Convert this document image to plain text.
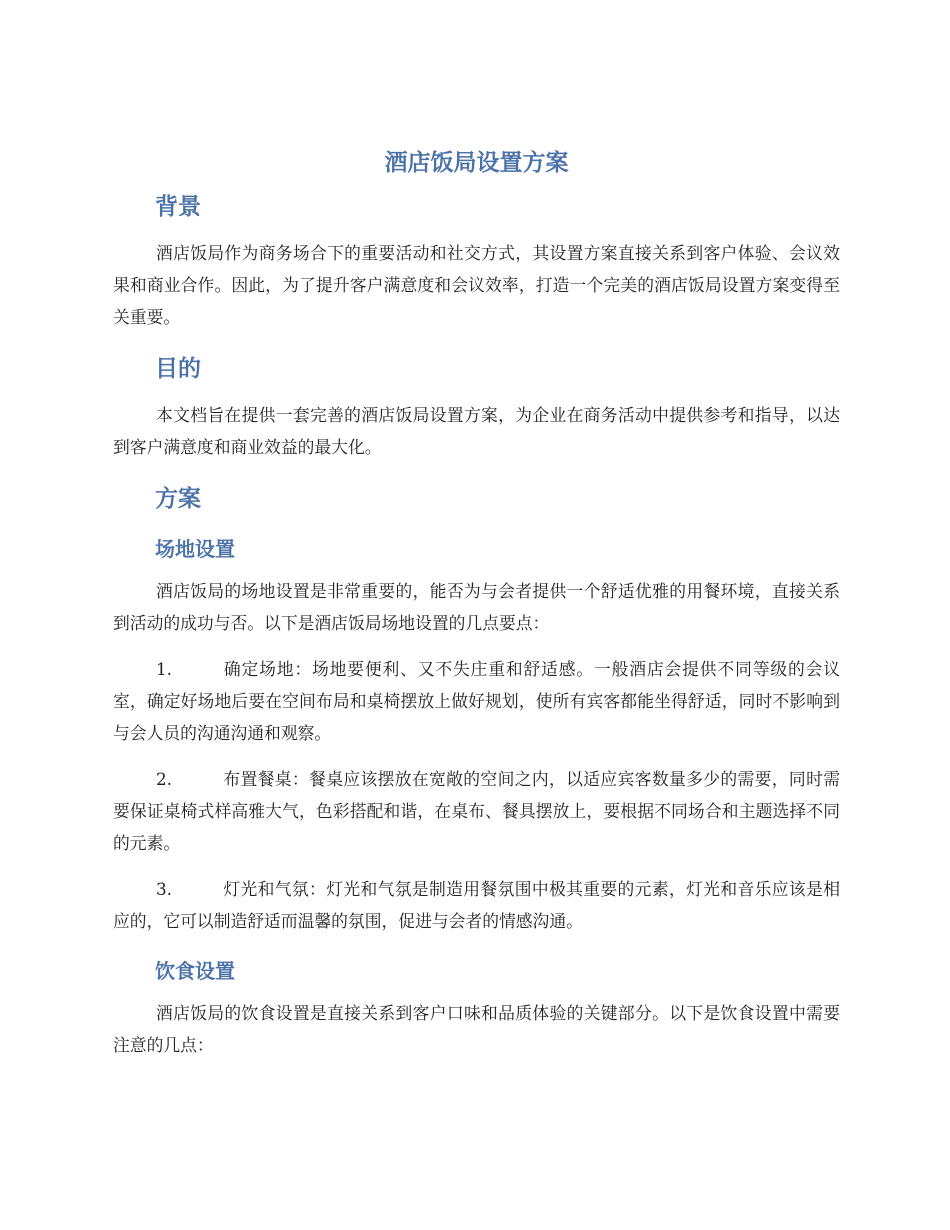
酒店饭局设置方案
背景

酒店饭局作为商务场合下的重要活动和社交方式，其设置方案直接关系到客户体验、会议效果和商业合作。因此，为了提升客户满意度和会议效率，打造一个完美的酒店饭局设置方案变得至关重要。

目的

本文档旨在提供一套完善的酒店饭局设置方案，为企业在商务活动中提供参考和指导，以达到客户满意度和商业效益的最大化。

方案
场地设置

酒店饭局的场地设置是非常重要的，能否为与会者提供一个舒适优雅的用餐环境，直接关系到活动的成功与否。以下是酒店饭局场地设置的几点要点：

1.	确定场地：场地要便利、又不失庄重和舒适感。一般酒店会提供不同等级的会议室，确定好场地后要在空间布局和桌椅摆放上做好规划，使所有宾客都能坐得舒适，同时不影响到与会人员的沟通沟通和观察。
2.	布置餐桌：餐桌应该摆放在宽敞的空间之内，以适应宾客数量多少的需要，同时需要保证桌椅式样高雅大气，色彩搭配和谐，在桌布、餐具摆放上，要根据不同场合和主题选择不同的元素。
3.	灯光和气氛：灯光和气氛是制造用餐氛围中极其重要的元素，灯光和音乐应该是相应的，它可以制造舒适而温馨的氛围，促进与会者的情感沟通。
饮食设置

酒店饭局的饮食设置是直接关系到客户口味和品质体验的关键部分。以下是饮食设置中需要注意的几点：
